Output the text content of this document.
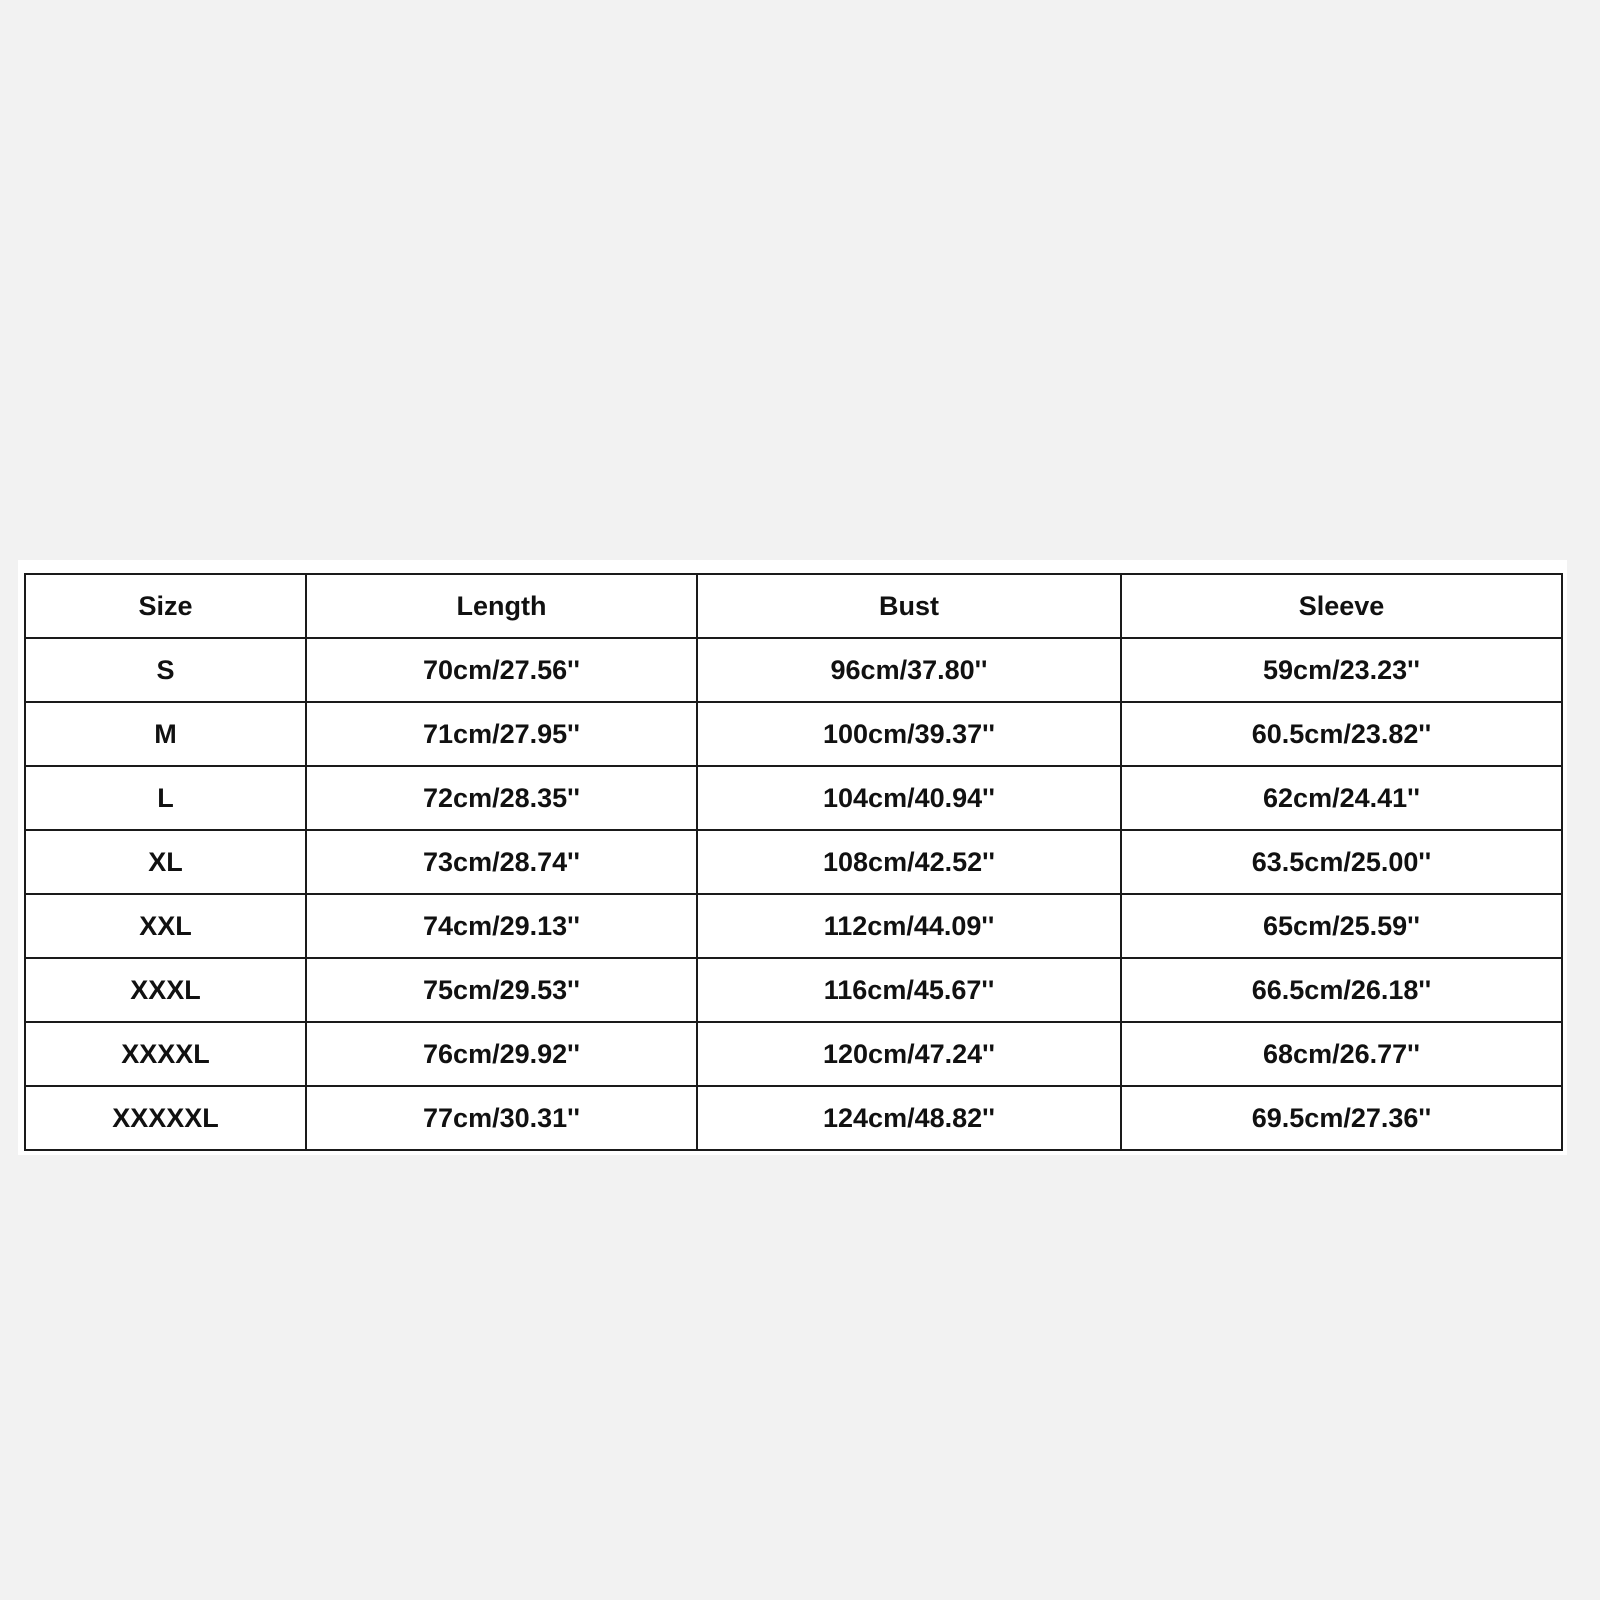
Size	Length	Bust	Sleeve
S	70cm/27.56''	96cm/37.80''	59cm/23.23''
M	71cm/27.95''	100cm/39.37''	60.5cm/23.82''
L	72cm/28.35''	104cm/40.94''	62cm/24.41''
XL	73cm/28.74''	108cm/42.52''	63.5cm/25.00''
XXL	74cm/29.13''	112cm/44.09''	65cm/25.59''
XXXL	75cm/29.53''	116cm/45.67''	66.5cm/26.18''
XXXXL	76cm/29.92''	120cm/47.24''	68cm/26.77''
XXXXXL	77cm/30.31''	124cm/48.82''	69.5cm/27.36''
